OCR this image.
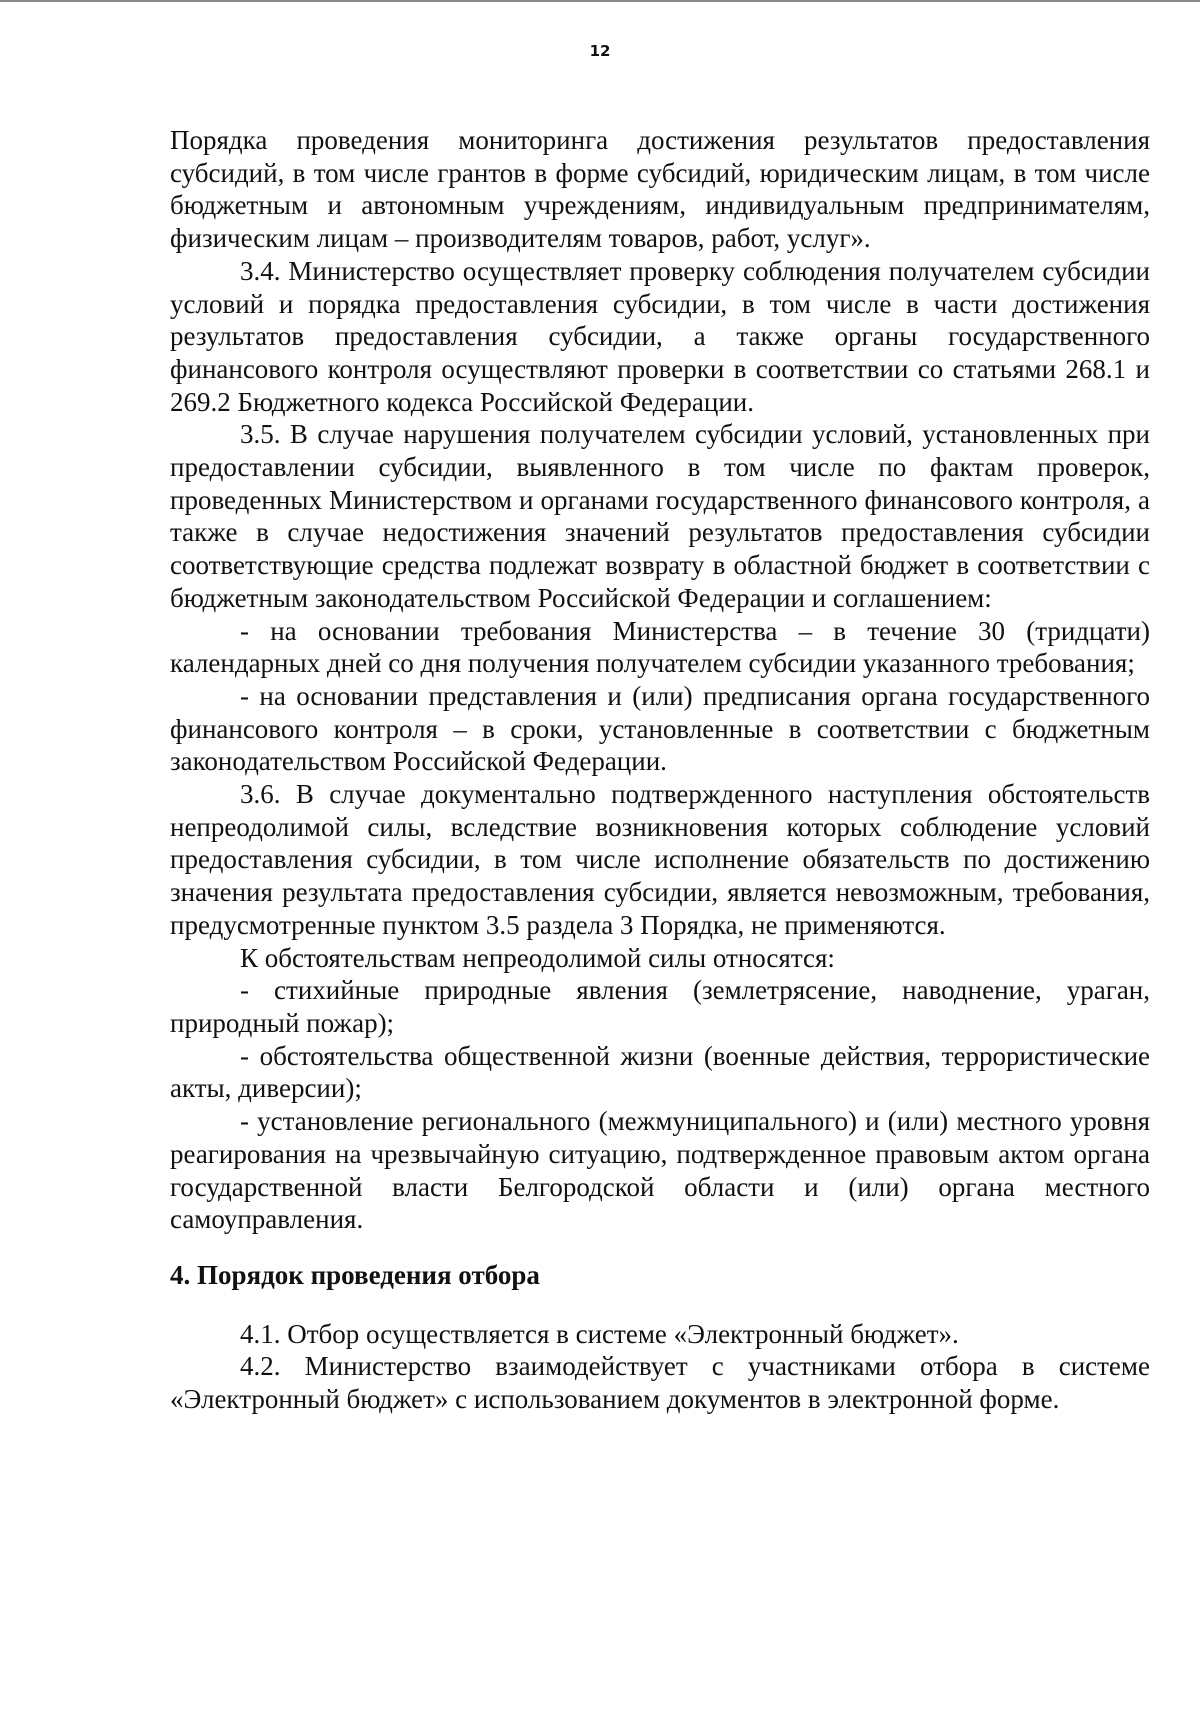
12

Порядка проведения мониторинга достижения результатов предоставления субсидий, в том числе грантов в форме субсидий, юридическим лицам, в том числе бюджетным и автономным учреждениям, индивидуальным предпринимателям, физическим лицам – производителям товаров, работ, услуг».

3.4. Министерство осуществляет проверку соблюдения получателем субсидии условий и порядка предоставления субсидии, в том числе в части достижения результатов предоставления субсидии, а также органы государственного финансового контроля осуществляют проверки в соответствии со статьями 268.1 и 269.2 Бюджетного кодекса Российской Федерации.

3.5. В случае нарушения получателем субсидии условий, установленных при предоставлении субсидии, выявленного в том числе по фактам проверок, проведенных Министерством и органами государственного финансового контроля, а также в случае недостижения значений результатов предоставления субсидии соответствующие средства подлежат возврату в областной бюджет в соответствии с бюджетным законодательством Российской Федерации и соглашением:

- на основании требования Министерства – в течение 30 (тридцати) календарных дней со дня получения получателем субсидии указанного требования;

- на основании представления и (или) предписания органа государственного финансового контроля – в сроки, установленные в соответствии с бюджетным законодательством Российской Федерации.

3.6. В случае документально подтвержденного наступления обстоятельств непреодолимой силы, вследствие возникновения которых соблюдение условий предоставления субсидии, в том числе исполнение обязательств по достижению значения результата предоставления субсидии, является невозможным, требования, предусмотренные пунктом 3.5 раздела 3 Порядка, не применяются.

К обстоятельствам непреодолимой силы относятся:

- стихийные природные явления (землетрясение, наводнение, ураган, природный пожар);

- обстоятельства общественной жизни (военные действия, террористические акты, диверсии);

- установление регионального (межмуниципального) и (или) местного уровня реагирования на чрезвычайную ситуацию, подтвержденное правовым актом органа государственной власти Белгородской области и (или) органа местного самоуправления.

4. Порядок проведения отбора

4.1. Отбор осуществляется в системе «Электронный бюджет».

4.2. Министерство взаимодействует с участниками отбора в системе «Электронный бюджет» с использованием документов в электронной форме.
